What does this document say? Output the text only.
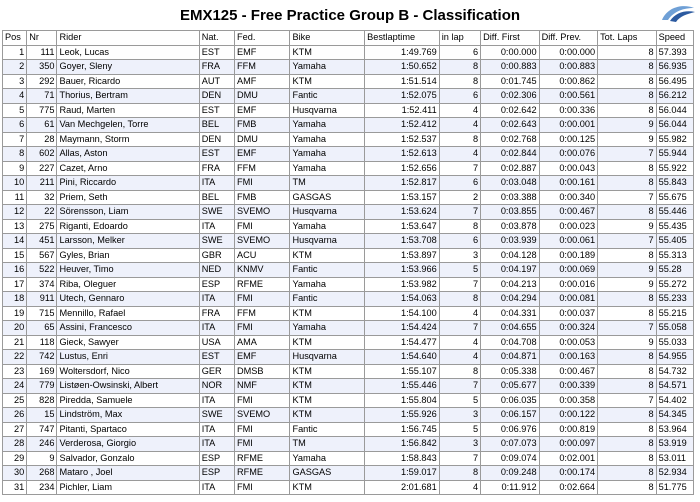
EMX125 - Free Practice Group B - Classification
Pos	Nr	Rider	Nat.	Fed.	Bike	Bestlaptime	in lap	Diff. First	Diff. Prev.	Tot. Laps	Speed
1	111	Leok, Lucas	EST	EMF	KTM	1:49.769	6	0:00.000	0:00.000	8	57.393
2	350	Goyer, Sleny	FRA	FFM	Yamaha	1:50.652	8	0:00.883	0:00.883	8	56.935
3	292	Bauer, Ricardo	AUT	AMF	KTM	1:51.514	8	0:01.745	0:00.862	8	56.495
4	71	Thorius, Bertram	DEN	DMU	Fantic	1:52.075	6	0:02.306	0:00.561	8	56.212
5	775	Raud, Marten	EST	EMF	Husqvarna	1:52.411	4	0:02.642	0:00.336	8	56.044
6	61	Van Mechgelen, Torre	BEL	FMB	Yamaha	1:52.412	4	0:02.643	0:00.001	9	56.044
7	28	Maymann, Storm	DEN	DMU	Yamaha	1:52.537	8	0:02.768	0:00.125	9	55.982
8	602	Allas, Aston	EST	EMF	Yamaha	1:52.613	4	0:02.844	0:00.076	7	55.944
9	227	Cazet, Arno	FRA	FFM	Yamaha	1:52.656	7	0:02.887	0:00.043	8	55.922
10	211	Pini, Riccardo	ITA	FMI	TM	1:52.817	6	0:03.048	0:00.161	8	55.843
11	32	Priem, Seth	BEL	FMB	GASGAS	1:53.157	2	0:03.388	0:00.340	7	55.675
12	22	Sörensson, Liam	SWE	SVEMO	Husqvarna	1:53.624	7	0:03.855	0:00.467	8	55.446
13	275	Riganti, Edoardo	ITA	FMI	Yamaha	1:53.647	8	0:03.878	0:00.023	9	55.435
14	451	Larsson, Melker	SWE	SVEMO	Husqvarna	1:53.708	6	0:03.939	0:00.061	7	55.405
15	567	Gyles, Brian	GBR	ACU	KTM	1:53.897	3	0:04.128	0:00.189	8	55.313
16	522	Heuver, Timo	NED	KNMV	Fantic	1:53.966	5	0:04.197	0:00.069	9	55.28
17	374	Riba, Oleguer	ESP	RFME	Yamaha	1:53.982	7	0:04.213	0:00.016	9	55.272
18	911	Utech, Gennaro	ITA	FMI	Fantic	1:54.063	8	0:04.294	0:00.081	8	55.233
19	715	Mennillo, Rafael	FRA	FFM	KTM	1:54.100	4	0:04.331	0:00.037	8	55.215
20	65	Assini, Francesco	ITA	FMI	Yamaha	1:54.424	7	0:04.655	0:00.324	7	55.058
21	118	Gieck, Sawyer	USA	AMA	KTM	1:54.477	4	0:04.708	0:00.053	9	55.033
22	742	Lustus, Enri	EST	EMF	Husqvarna	1:54.640	4	0:04.871	0:00.163	8	54.955
23	169	Woltersdorf, Nico	GER	DMSB	KTM	1:55.107	8	0:05.338	0:00.467	8	54.732
24	779	Listøen-Owsinski, Albert	NOR	NMF	KTM	1:55.446	7	0:05.677	0:00.339	8	54.571
25	828	Piredda, Samuele	ITA	FMI	KTM	1:55.804	5	0:06.035	0:00.358	7	54.402
26	15	Lindström, Max	SWE	SVEMO	KTM	1:55.926	3	0:06.157	0:00.122	8	54.345
27	747	Pitanti, Spartaco	ITA	FMI	Fantic	1:56.745	5	0:06.976	0:00.819	8	53.964
28	246	Verderosa, Giorgio	ITA	FMI	TM	1:56.842	3	0:07.073	0:00.097	8	53.919
29	9	Salvador, Gonzalo	ESP	RFME	Yamaha	1:58.843	7	0:09.074	0:02.001	8	53.011
30	268	Mataro , Joel	ESP	RFME	GASGAS	1:59.017	8	0:09.248	0:00.174	8	52.934
31	234	Pichler, Liam	ITA	FMI	KTM	2:01.681	4	0:11.912	0:02.664	8	51.775
